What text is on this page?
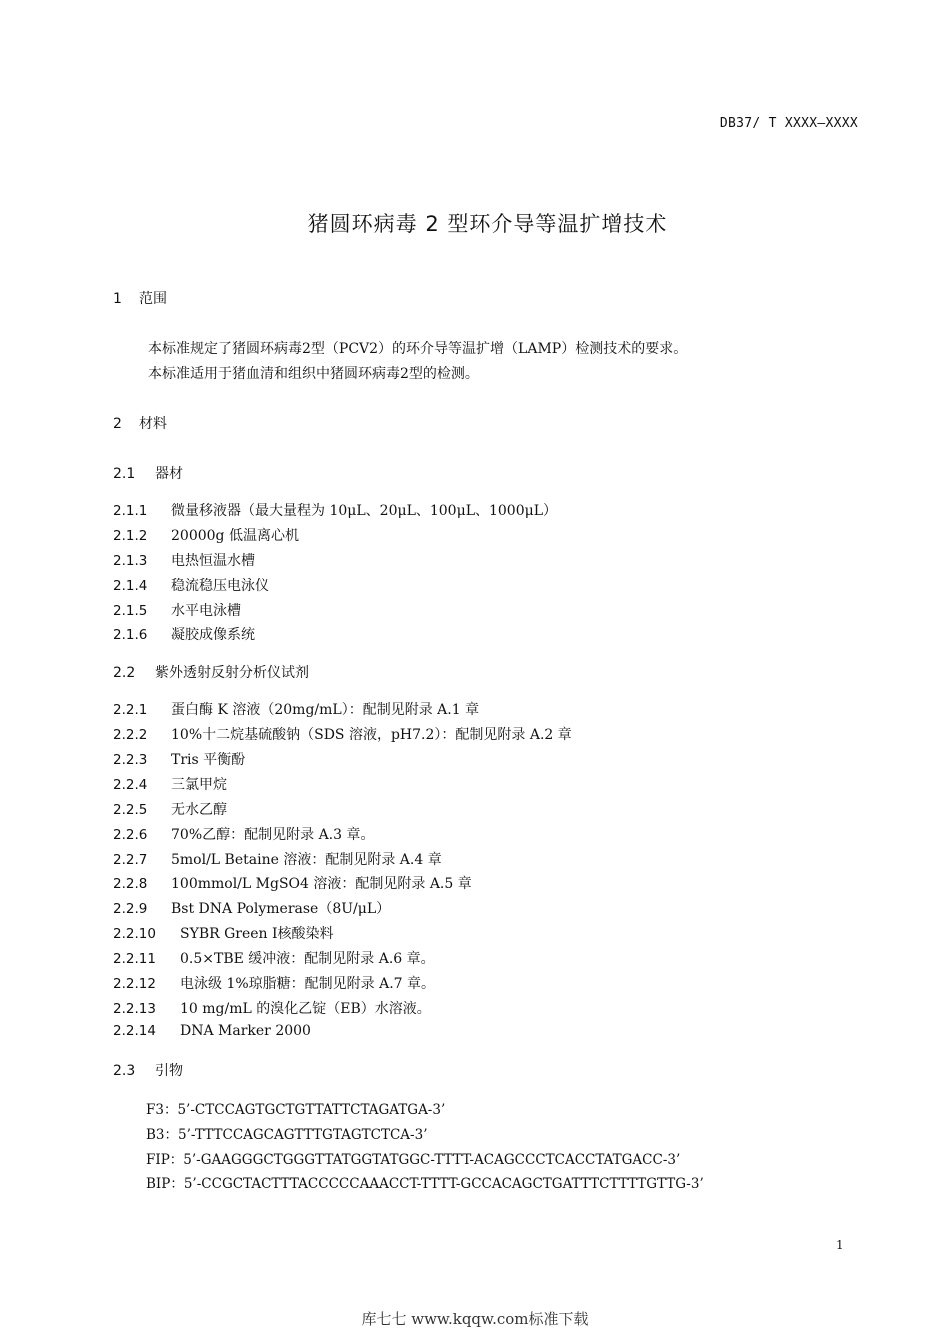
DB37/ T XXXX—XXXX
猪圆环病毒 2 型环介导等温扩增技术
1 范围
本标准规定了猪圆环病毒2型（PCV2）的环介导等温扩增（LAMP）检测技术的要求。
本标准适用于猪血清和组织中猪圆环病毒2型的检测。
2 材料
2.1 器材
2.1.1 微量移液器（最大量程为 10μL、20μL、100μL、1000μL）
2.1.2 20000g 低温离心机
2.1.3 电热恒温水槽
2.1.4 稳流稳压电泳仪
2.1.5 水平电泳槽
2.1.6 凝胶成像系统
2.2 紫外透射反射分析仪试剂
2.2.1 蛋白酶 K 溶液（20mg/mL）：配制见附录 A.1 章
2.2.2 10%十二烷基硫酸钠（SDS 溶液，pH7.2）：配制见附录 A.2 章
2.2.3 Tris 平衡酚
2.2.4 三氯甲烷
2.2.5 无水乙醇
2.2.6 70%乙醇：配制见附录 A.3 章。
2.2.7 5mol/L Betaine 溶液：配制见附录 A.4 章
2.2.8 100mmol/L MgSO4 溶液：配制见附录 A.5 章
2.2.9 Bst DNA Polymerase（8U/μL）
2.2.10 SYBR Green Ⅰ核酸染料
2.2.11 0.5×TBE 缓冲液：配制见附录 A.6 章。
2.2.12 电泳级 1%琼脂糖：配制见附录 A.7 章。
2.2.13 10 mg/mL 的溴化乙锭（EB）水溶液。
2.2.14 DNA Marker 2000
2.3 引物
F3：5’-CTCCAGTGCTGTTATTCTAGATGA-3’
B3：5’-TTTCCAGCAGTTTGTAGTCTCA-3’
FIP：5’-GAAGGGCTGGGTTATGGTATGGC-TTTT-ACAGCCCTCACCTATGACC-3’
BIP：5’-CCGCTACTTTACCCCCAAACCT-TTTT-GCCACAGCTGATTTCTTTTGTTG-3’
1
库七七 www.kqqw.com标准下载
